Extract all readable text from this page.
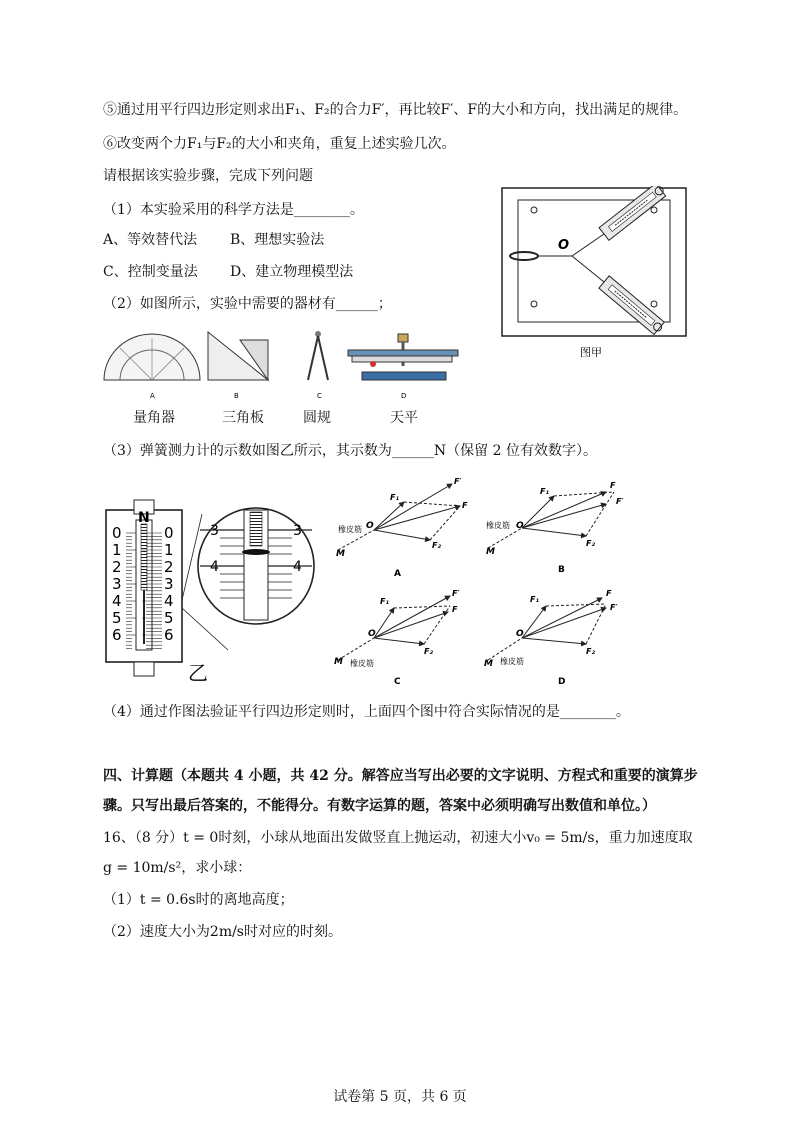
⑤通过用平行四边形定则求出F₁、F₂的合力F′，再比较F′、F的大小和方向，找出满足的规律。
⑥改变两个力F₁与F₂的大小和夹角，重复上述实验几次。
请根据该实验步骤，完成下列问题
（1）本实验采用的科学方法是________。
A、等效替代法 B、理想实验法
C、控制变量法 D、建立物理模型法
（2）如图所示，实验中需要的器材有______；
O
图甲
A	B	C	D
量角器	三角板	圆规	天平
（3）弹簧测力计的示数如图乙所示，其示数为______N（保留 2 位有效数字）。
N
0
1
2
3
4
5
6
0
1
2
3
4
5
6
3	3
4	4
乙
橡皮筋 O
M
F₁
F₂
F′
F
A
橡皮筋 O
M
F₁
F₂
F
F′
B
O
M 橡皮筋
F₁
F₂
F′
F
C
O
M 橡皮筋
F₁
F₂
F
F′
D
（4）通过作图法验证平行四边形定则时，上面四个图中符合实际情况的是________。
四、计算题（本题共 4 小题，共 42 分。解答应当写出必要的文字说明、方程式和重要的演算步
骤。只写出最后答案的，不能得分。有数字运算的题，答案中必须明确写出数值和单位。）
16、（8 分）t = 0时刻，小球从地面出发做竖直上抛运动，初速大小v₀ = 5m/s，重力加速度取
g = 10m/s²，求小球：
（1）t = 0.6s时的离地高度；
（2）速度大小为2m/s时对应的时刻。
试卷第 5 页，共 6 页
